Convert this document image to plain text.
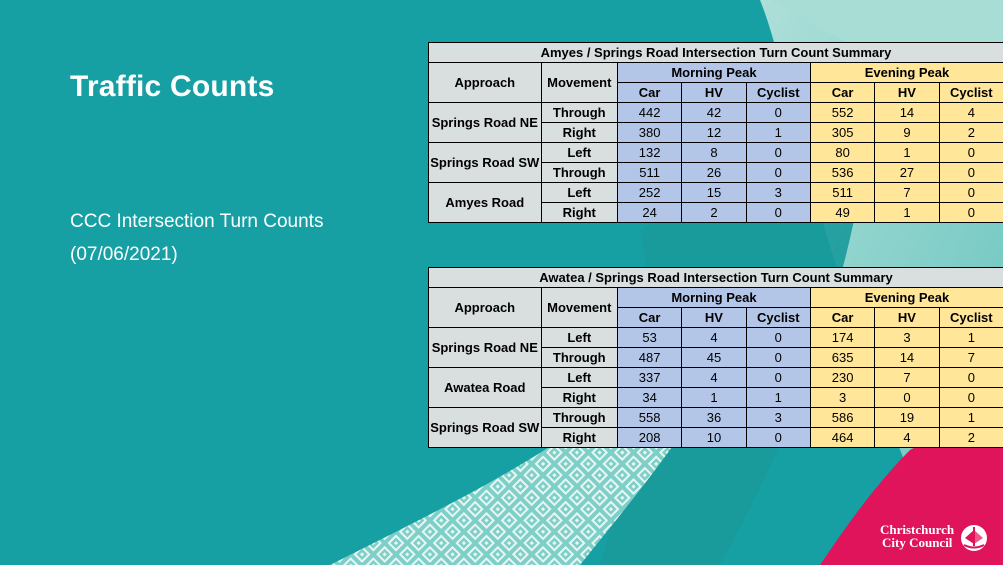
Traffic Counts
CCC Intersection Turn Counts
(07/06/2021)
Amyes / Springs Road Intersection Turn Count Summary							
Approach	Movement	Morning Peak			Evening Peak		
		Car	HV	Cyclist	Car	HV	Cyclist
Springs Road NE	Through	442	42	0	552	14	4
	Right	380	12	1	305	9	2
Springs Road SW	Left	132	8	0	80	1	0
	Through	511	26	0	536	27	0
Amyes Road	Left	252	15	3	511	7	0
	Right	24	2	0	49	1	0
Awatea / Springs Road Intersection Turn Count Summary							
Approach	Movement	Morning Peak			Evening Peak		
		Car	HV	Cyclist	Car	HV	Cyclist
Springs Road NE	Left	53	4	0	174	3	1
	Through	487	45	0	635	14	7
Awatea Road	Left	337	4	0	230	7	0
	Right	34	1	1	3	0	0
Springs Road SW	Through	558	36	3	586	19	1
	Right	208	10	0	464	4	2
Christchurch
City Council
